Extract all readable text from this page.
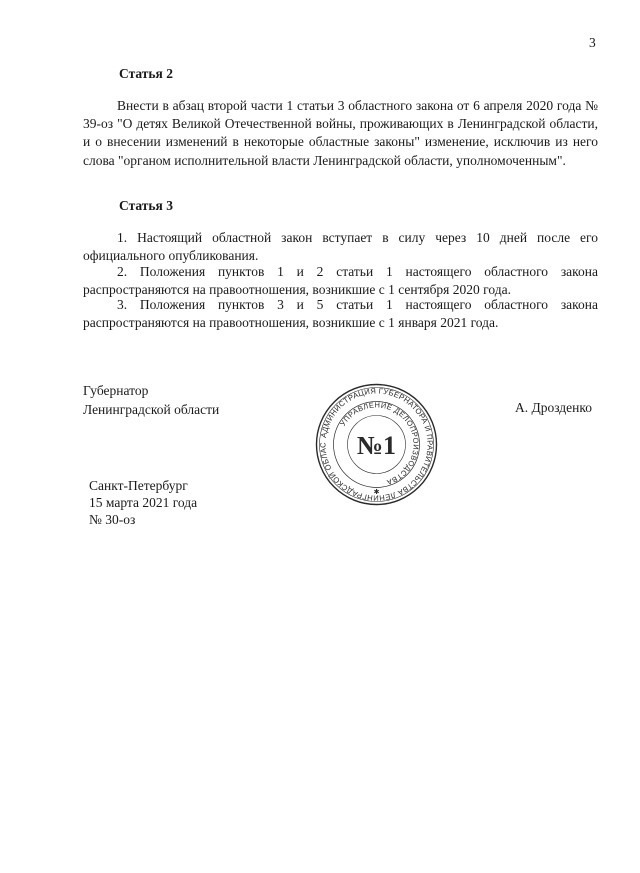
3
Статья 2
Внести в абзац второй части 1 статьи 3 областного закона от 6 апреля 2020 года № 39-оз "О детях Великой Отечественной войны, проживающих в Ленинградской области, и о внесении изменений в некоторые областные законы" изменение, исключив из него слова "органом исполнительной власти Ленинградской области, уполномоченным".
Статья 3
1. Настоящий областной закон вступает в силу через 10 дней после его официального опубликования.
2. Положения пунктов 1 и 2 статьи 1 настоящего областного закона распространяются на правоотношения, возникшие с 1 сентября 2020 года.
3. Положения пунктов 3 и 5 статьи 1 настоящего областного закона распространяются на правоотношения, возникшие с 1 января 2021 года.
Губернатор
Ленинградской области
АДМИНИСТРАЦИЯ ГУБЕРНАТОРА И ПРАВИТЕЛЬСТВА ЛЕНИНГРАДСКОЙ ОБЛАС
УПРАВЛЕНИЕ ДЕЛОПРОИЗВОДСТВА
№1
✱
А. Дрозденко
Санкт-Петербург
15 марта 2021 года
№ 30-оз
